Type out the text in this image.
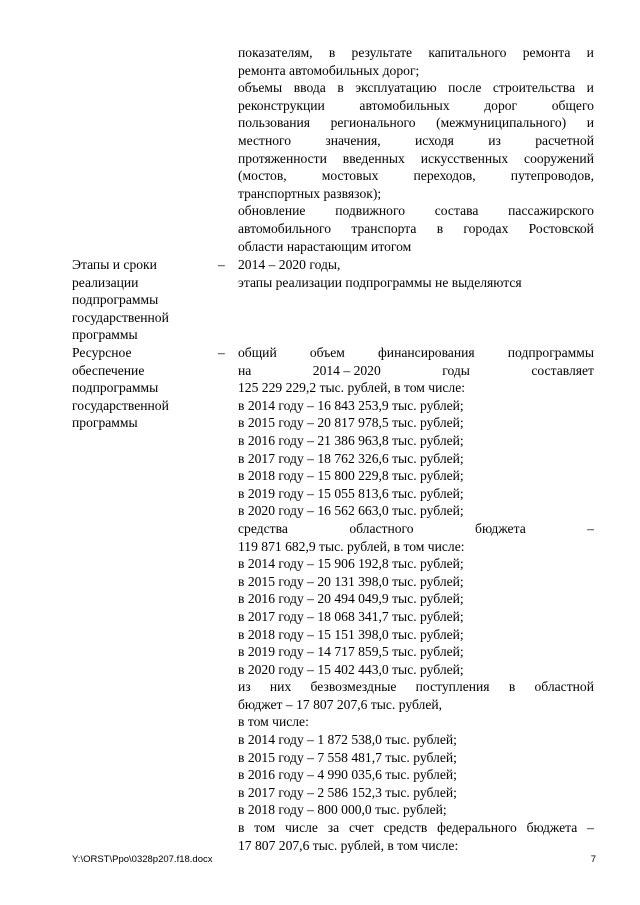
показателям, в результате капитального ремонта и
ремонта автомобильных дорог;
объемы ввода в эксплуатацию после строительства и
реконструкции	автомобильных	дорог	общего
пользования регионального (межмуниципального) и
местного	значения,	исходя	из	расчетной
протяженности введенных искусственных сооружений
(мостов,	мостовых	переходов,	путепроводов,
транспортных развязок);
обновление подвижного состава пассажирского
автомобильного транспорта в городах Ростовской
области нарастающим итогом
Этапы и сроки
реализации
подпрограммы
государственной
программы
– 2014 – 2020 годы,
этапы реализации подпрограммы не выделяются
Ресурсное
обеспечение
подпрограммы
государственной
программы
– общий объем финансирования подпрограммы
на	2014 – 2020	годы	составляет
125 229 229,2 тыс. рублей, в том числе:
в 2014 году – 16 843 253,9 тыс. рублей;
в 2015 году – 20 817 978,5 тыс. рублей;
в 2016 году – 21 386 963,8 тыс. рублей;
в 2017 году – 18 762 326,6 тыс. рублей;
в 2018 году – 15 800 229,8 тыс. рублей;
в 2019 году – 15 055 813,6 тыс. рублей;
в 2020 году – 16 562 663,0 тыс. рублей;
средства	областного	бюджета	–
119 871 682,9 тыс. рублей, в том числе:
в 2014 году – 15 906 192,8 тыс. рублей;
в 2015 году – 20 131 398,0 тыс. рублей;
в 2016 году – 20 494 049,9 тыс. рублей;
в 2017 году – 18 068 341,7 тыс. рублей;
в 2018 году – 15 151 398,0 тыс. рублей;
в 2019 году – 14 717 859,5 тыс. рублей;
в 2020 году – 15 402 443,0 тыс. рублей;
из них безвозмездные поступления в областной
бюджет – 17 807 207,6 тыс. рублей,
в том числе:
в 2014 году – 1 872 538,0 тыс. рублей;
в 2015 году – 7 558 481,7 тыс. рублей;
в 2016 году – 4 990 035,6 тыс. рублей;
в 2017 году – 2 586 152,3 тыс. рублей;
в 2018 году – 800 000,0 тыс. рублей;
в том числе за счет средств федерального бюджета –
17 807 207,6 тыс. рублей, в том числе:
Y:\ORST\Ppo\0328p207.f18.docx	7
